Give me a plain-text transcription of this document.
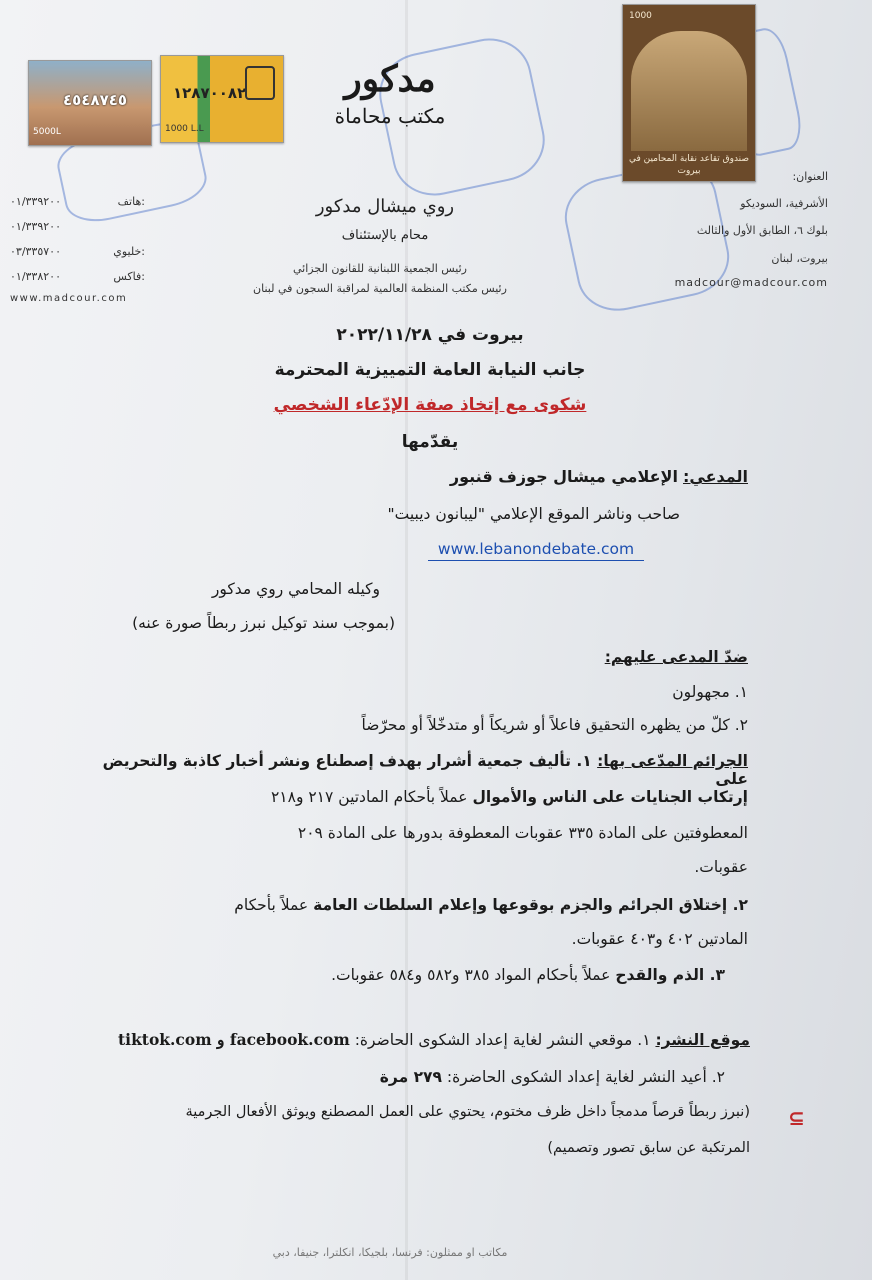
٤٥٤٨٧٤٥
5000L
١٢٨٧٠٠٨٢
1000 L.L
1000
صندوق تقاعد نقابة المحامين في بيروت
مدكور
مكتب محاماة
روي ميشال مدكور
محام بالإستئناف
رئيس الجمعية اللبنانية للقانون الجزائي
رئيس مكتب المنظمة العالمية لمراقبة السجون في لبنان
العنوان:
الأشرفية، السوديكو
بلوك ٦، الطابق الأول والثالث
بيروت، لبنان
madcour@madcour.com
٠١/٣٣٩٢٠٠	هاتف:
٠١/٣٣٩٢٠٠
٠٣/٣٣٥٧٠٠	خليوي:
٠١/٣٣٨٢٠٠	فاكس:
www.madcour.com
بيروت في ٢٠٢٢/١١/٢٨
جانب النيابة العامة التمييزية المحترمة
شكوى مع إتخاذ صفة الإدّعاء الشخصي
يقدّمها
المدعي: الإعلامي ميشال جوزف قنبور
صاحب وناشر الموقع الإعلامي "ليبانون ديبيت"
www.lebanondebate.com
وكيله المحامي روي مدكور
(بموجب سند توكيل نبرز ربطاً صورة عنه)
ضدّ المدعى عليهم:
١. مجهولون
٢. كلّ من يظهره التحقيق فاعلاً أو شريكاً أو متدخّلاً أو محرّضاً
الجرائم المدّعى بها: ١. تأليف جمعية أشرار بهدف إصطناع ونشر أخبار كاذبة والتحريض على
إرتكاب الجنايات على الناس والأموال عملاً بأحكام المادتين ٢١٧ و٢١٨
المعطوفتين على المادة ٣٣٥ عقوبات المعطوفة بدورها على المادة ٢٠٩
عقوبات.
٢. إختلاق الجرائم والجزم بوقوعها وإعلام السلطات العامة عملاً بأحكام
المادتين ٤٠٢ و٤٠٣ عقوبات.
٣. الذم والقدح عملاً بأحكام المواد ٣٨٥ و٥٨٢ و٥٨٤ عقوبات.
موقع النشر: ١. موقعي النشر لغاية إعداد الشكوى الحاضرة: tiktok.com و facebook.com
٢. أعيد النشر لغاية إعداد الشكوى الحاضرة: ٢٧٩ مرة
(نبرز ربطاً قرصاً مدمجاً داخل ظرف مختوم، يحتوي على العمل المصطنع ويوثق الأفعال الجرمية
المرتكبة عن سابق تصور وتصميم)
⊆
مكاتب او ممثلون: فرنسا، بلجيكا، انكلترا، جنيفا، دبي
